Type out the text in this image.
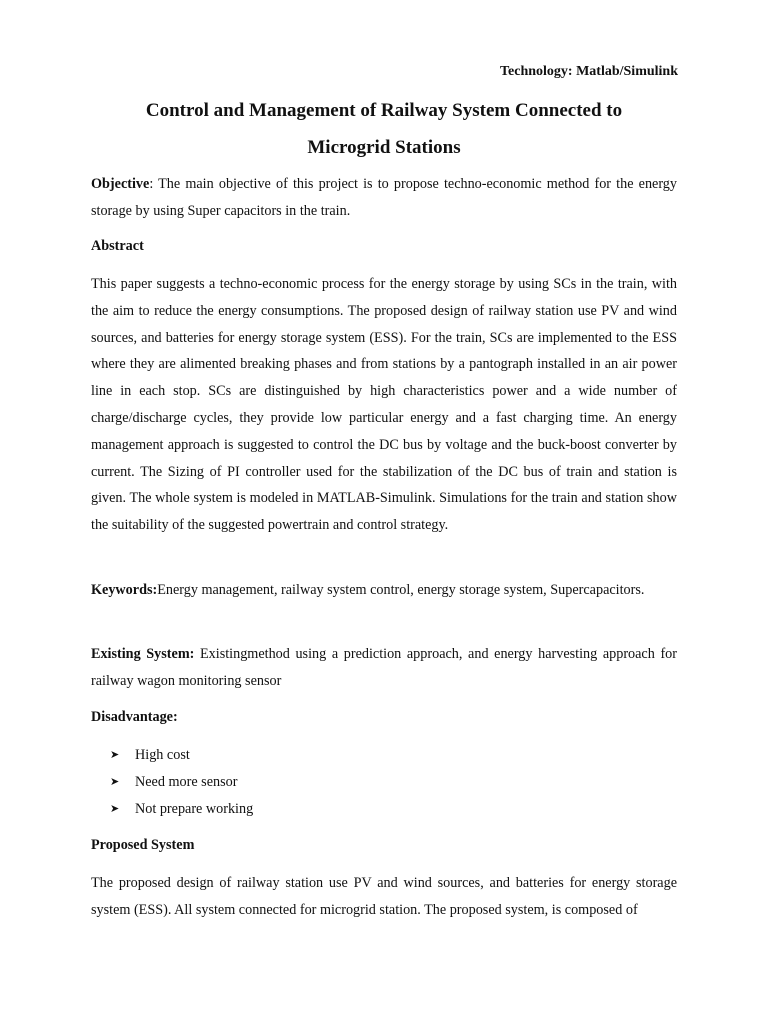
Technology: Matlab/Simulink
Control and Management of Railway System Connected to
Microgrid Stations
Objective: The main objective of this project is to propose techno-economic method for the energy storage by using Super capacitors in the train.
Abstract
This paper suggests a techno-economic process for the energy storage by using SCs in the train, with the aim to reduce the energy consumptions. The proposed design of railway station use PV and wind sources, and batteries for energy storage system (ESS). For the train, SCs are implemented to the ESS where they are alimented breaking phases and from stations by a pantograph installed in an air power line in each stop. SCs are distinguished by high characteristics power and a wide number of charge/discharge cycles, they provide low particular energy and a fast charging time. An energy management approach is suggested to control the DC bus by voltage and the buck-boost converter by current. The Sizing of PI controller used for the stabilization of the DC bus of train and station is given. The whole system is modeled in MATLAB-Simulink. Simulations for the train and station show the suitability of the suggested powertrain and control strategy.
Keywords:Energy management, railway system control, energy storage system, Supercapacitors.
Existing System: Existingmethod using a prediction approach, and energy harvesting approach for railway wagon monitoring sensor
Disadvantage:
➤	High cost
➤	Need more sensor
➤	Not prepare working
Proposed System
The proposed design of railway station use PV and wind sources, and batteries for energy storage system (ESS). All system connected for microgrid station. The proposed system, is composed of
